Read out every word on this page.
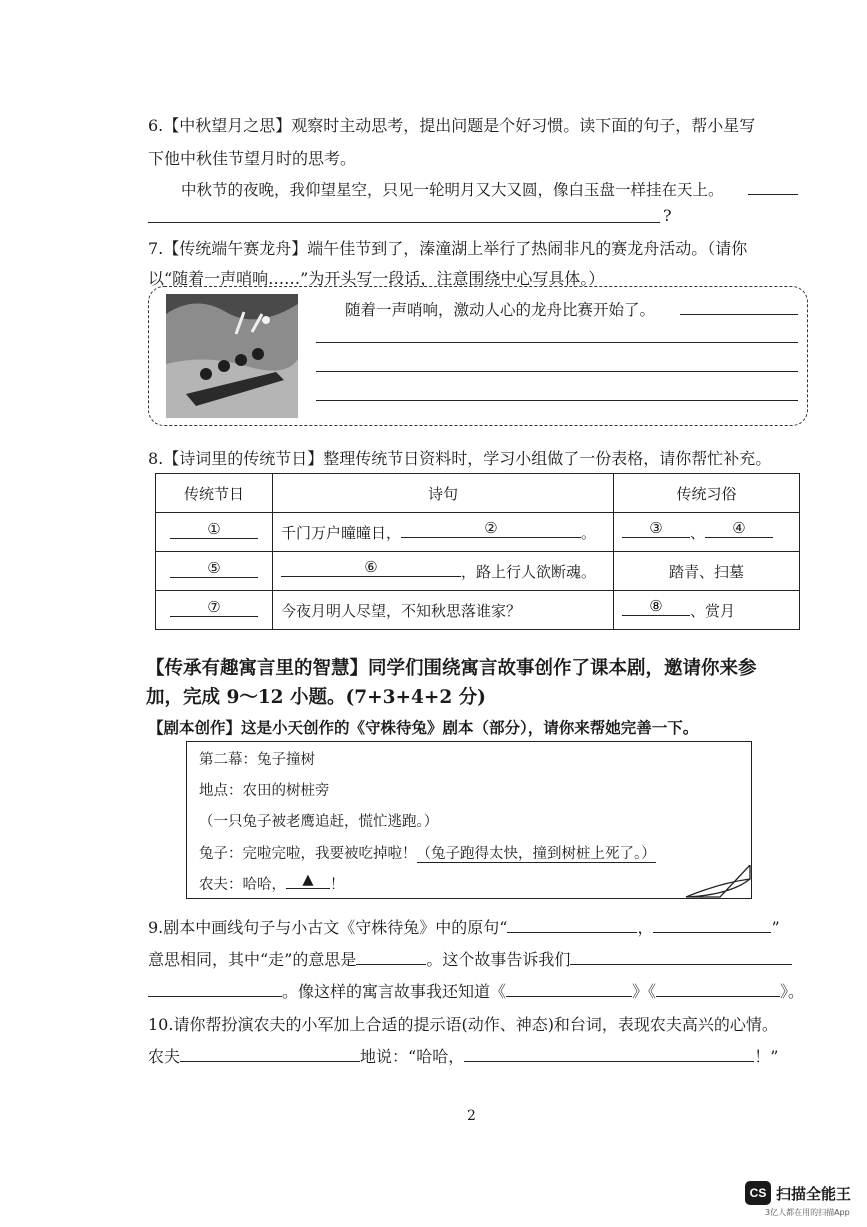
6.【中秋望月之思】观察时主动思考，提出问题是个好习惯。读下面的句子，帮小星写
下他中秋佳节望月时的思考。
中秋节的夜晚，我仰望星空，只见一轮明月又大又圆，像白玉盘一样挂在天上。
?
7.【传统端午赛龙舟】端午佳节到了，溱潼湖上举行了热闹非凡的赛龙舟活动。（请你
以“随着一声哨响……”为开头写一段话，注意围绕中心写具体。）
随着一声哨响，激动人心的龙舟比赛开始了。
8.【诗词里的传统节日】整理传统节日资料时，学习小组做了一份表格，请你帮忙补充。
传统节日	诗句	传统习俗

①	千门万户曈曈日， ② 。	③ 、 ④

⑤	⑥ ，路上行人欲断魂。	踏青、扫墓

⑦	今夜月明人尽望，不知秋思落谁家？	⑧ 、赏月
【传承有趣寓言里的智慧】同学们围绕寓言故事创作了课本剧，邀请你来参
加，完成 9～12 小题。(7+3+4+2 分)
【剧本创作】这是小天创作的《守株待兔》剧本（部分），请你来帮她完善一下。
第二幕：兔子撞树
地点：农田的树桩旁
（一只兔子被老鹰追赶，慌忙逃跑。）
兔子：完啦完啦，我要被吃掉啦！（兔子跑得太快，撞到树桩上死了。）
农夫：哈哈，	▲	！
9.剧本中画线句子与小古文《守株待兔》中的原句“	，	”
意思相同，其中“走”的意思是	。这个故事告诉我们
。像这样的寓言故事我还知道《	》《	》。
10.请你帮扮演农夫的小军加上合适的提示语(动作、神态)和台词，表现农夫高兴的心情。
农夫	地说：“哈哈，	！”
2
CS 扫描全能王
3亿人都在用的扫描App
